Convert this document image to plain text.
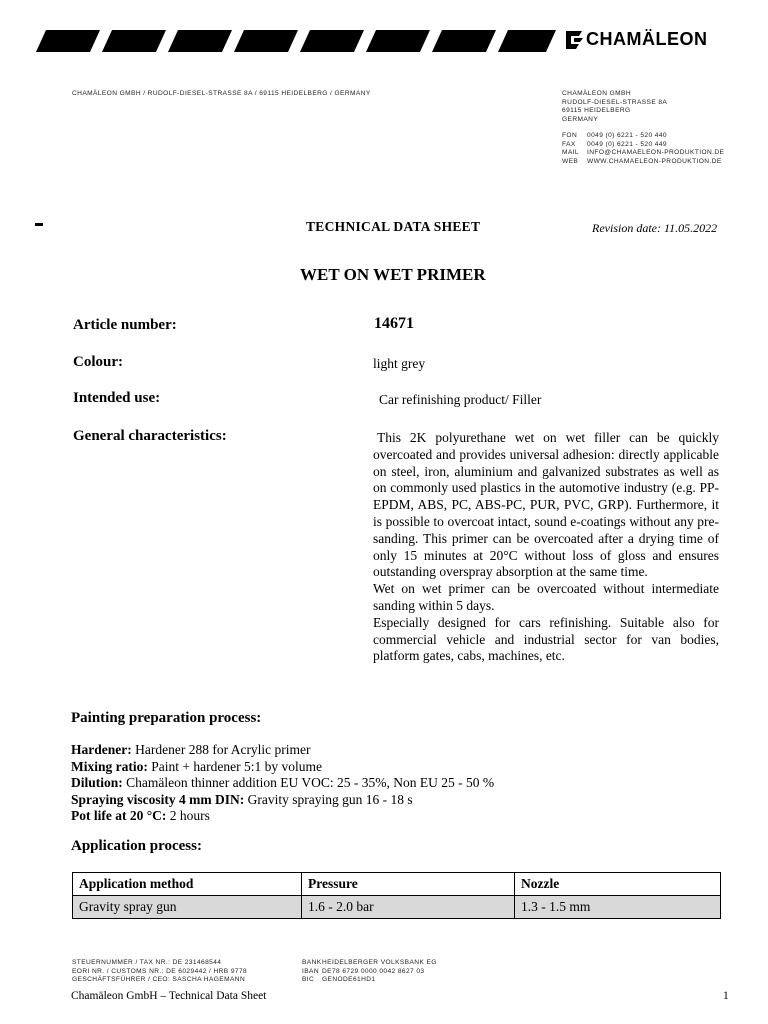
CHAMÄLEON
CHAMÄLEON GMBH / RUDOLF-DIESEL-STRASSE 8A / 69115 HEIDELBERG / GERMANY	CHAMÄLEON GMBH
RUDOLF-DIESEL-STRASSE 8A
69115 HEIDELBERG
GERMANY
FON 0049 (0) 6221 - 520 440
FAX 0049 (0) 6221 - 520 449
MAIL INFO@CHAMAELEON-PRODUKTION.DE
WEB WWW.CHAMAELEON-PRODUKTION.DE
TECHNICAL DATA SHEET	Revision date: 11.05.2022
WET ON WET PRIMER
Article number:	14671
Colour:	light grey
Intended use:	Car refinishing product/ Filler
General characteristics:	This 2K polyurethane wet on wet filler can be quickly overcoated and provides universal adhesion: directly applicable on steel, iron, aluminium and galvanized substrates as well as on commonly used plastics in the automotive industry (e.g. PP-EPDM, ABS, PC, ABS-PC, PUR, PVC, GRP). Furthermore, it is possible to overcoat intact, sound e-coatings without any pre-sanding. This primer can be overcoated after a drying time of only 15 minutes at 20°C without loss of gloss and ensures outstanding overspray absorption at the same time.

Wet on wet primer can be overcoated without intermediate sanding within 5 days.

Especially designed for cars refinishing. Suitable also for commercial vehicle and industrial sector for van bodies, platform gates, cabs, machines, etc.

Painting preparation process:
Hardener: Hardener 288 for Acrylic primer
Mixing ratio: Paint + hardener 5:1 by volume
Dilution: Chamäleon thinner addition EU VOC: 25 - 35%, Non EU 25 - 50 %
Spraying viscosity 4 mm DIN: Gravity spraying gun 16 - 18 s
Pot life at 20 °C: 2 hours
Application process:
Application method	Pressure	Nozzle
Gravity spray gun	1.6 - 2.0 bar	1.3 - 1.5 mm
STEUERNUMMER / TAX NR.: DE 231468544
EORI NR. / CUSTOMS NR.: DE 6029442 / HRB 9778
GESCHÄFTSFÜHRER / CEO: SASCHA HAGEMANN
BANKHEIDELBERGER VOLKSBANK EG
IBAN DE78 6729 0000 0042 8627 03
BIC GENODE61HD1
Chamäleon GmbH – Technical Data Sheet	1
